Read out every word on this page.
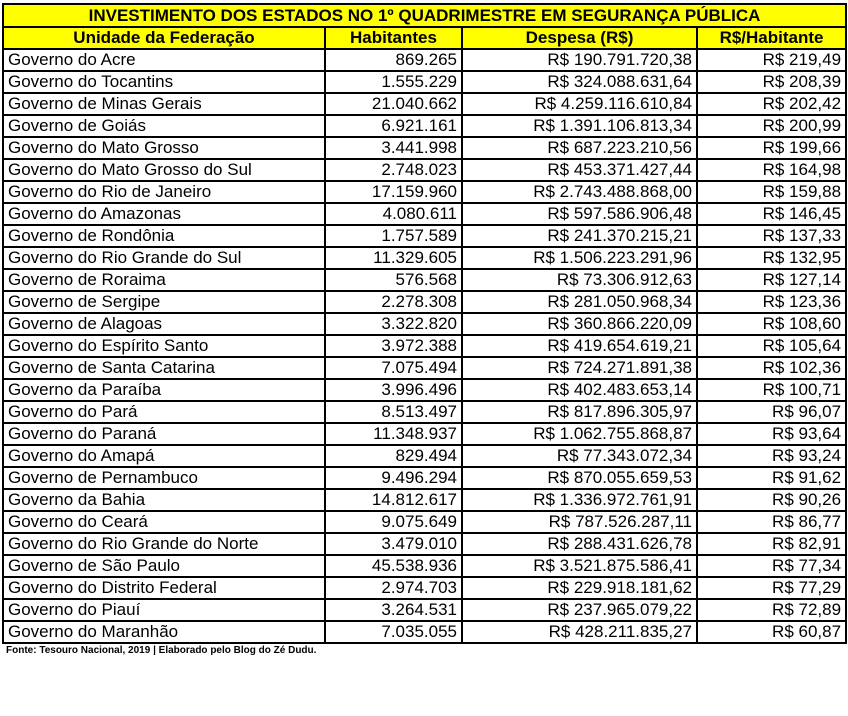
INVESTIMENTO DOS ESTADOS NO 1º QUADRIMESTRE EM SEGURANÇA PÚBLICA			
Unidade da Federação	Habitantes	Despesa (R$)	R$/Habitante
Governo do Acre	869.265	R$ 190.791.720,38	R$ 219,49
Governo do Tocantins	1.555.229	R$ 324.088.631,64	R$ 208,39
Governo de Minas Gerais	21.040.662	R$ 4.259.116.610,84	R$ 202,42
Governo de Goiás	6.921.161	R$ 1.391.106.813,34	R$ 200,99
Governo do Mato Grosso	3.441.998	R$ 687.223.210,56	R$ 199,66
Governo do Mato Grosso do Sul	2.748.023	R$ 453.371.427,44	R$ 164,98
Governo do Rio de Janeiro	17.159.960	R$ 2.743.488.868,00	R$ 159,88
Governo do Amazonas	4.080.611	R$ 597.586.906,48	R$ 146,45
Governo de Rondônia	1.757.589	R$ 241.370.215,21	R$ 137,33
Governo do Rio Grande do Sul	11.329.605	R$ 1.506.223.291,96	R$ 132,95
Governo de Roraima	576.568	R$ 73.306.912,63	R$ 127,14
Governo de Sergipe	2.278.308	R$ 281.050.968,34	R$ 123,36
Governo de Alagoas	3.322.820	R$ 360.866.220,09	R$ 108,60
Governo do Espírito Santo	3.972.388	R$ 419.654.619,21	R$ 105,64
Governo de Santa Catarina	7.075.494	R$ 724.271.891,38	R$ 102,36
Governo da Paraíba	3.996.496	R$ 402.483.653,14	R$ 100,71
Governo do Pará	8.513.497	R$ 817.896.305,97	R$ 96,07
Governo do Paraná	11.348.937	R$ 1.062.755.868,87	R$ 93,64
Governo do Amapá	829.494	R$ 77.343.072,34	R$ 93,24
Governo de Pernambuco	9.496.294	R$ 870.055.659,53	R$ 91,62
Governo da Bahia	14.812.617	R$ 1.336.972.761,91	R$ 90,26
Governo do Ceará	9.075.649	R$ 787.526.287,11	R$ 86,77
Governo do Rio Grande do Norte	3.479.010	R$ 288.431.626,78	R$ 82,91
Governo de São Paulo	45.538.936	R$ 3.521.875.586,41	R$ 77,34
Governo do Distrito Federal	2.974.703	R$ 229.918.181,62	R$ 77,29
Governo do Piauí	3.264.531	R$ 237.965.079,22	R$ 72,89
Governo do Maranhão	7.035.055	R$ 428.211.835,27	R$ 60,87
Fonte: Tesouro Nacional, 2019 | Elaborado pelo Blog do Zé Dudu.
